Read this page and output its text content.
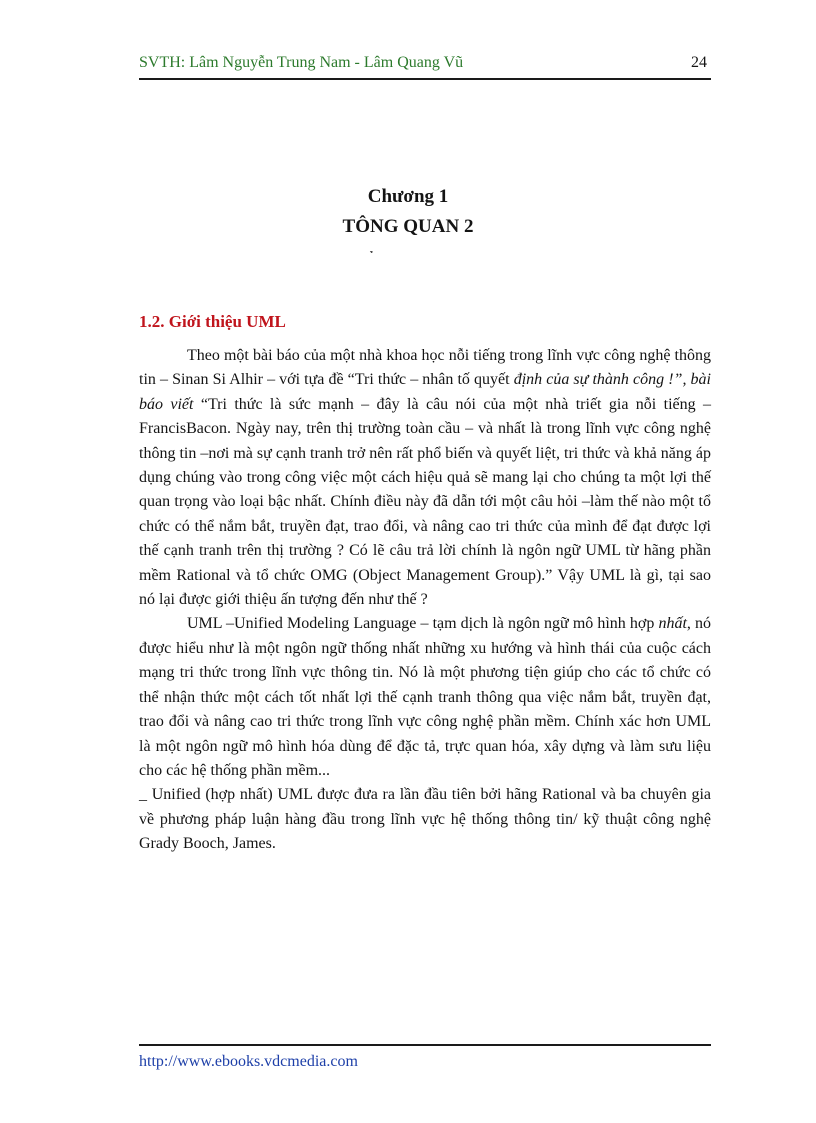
SVTH: Lâm Nguyễn Trung Nam - Lâm Quang Vũ	24
Chương 1
TÔNG QUAN 2
1.2. Giới thiệu UML

Theo một bài báo của một nhà khoa học nỗi tiếng trong lĩnh vực công nghệ thông tin – Sinan Si Alhir – với tựa đề “Tri thức – nhân tố quyết định của sự thành công !”, bài báo viết “Tri thức là sức mạnh – đây là câu nói của một nhà triết gia nỗi tiếng – FrancisBacon. Ngày nay, trên thị trường toàn cầu – và nhất là trong lĩnh vực công nghệ thông tin –nơi mà sự cạnh tranh trở nên rất phổ biến và quyết liệt, tri thức và khả năng áp dụng chúng vào trong công việc một cách hiệu quả sẽ mang lại cho chúng ta một lợi thế quan trọng vào loại bậc nhất. Chính điều này đã dẫn tới một câu hỏi –làm thế nào một tổ chức có thể nắm bắt, truyền đạt, trao đổi, và nâng cao tri thức của mình để đạt được lợi thế cạnh tranh trên thị trường ? Có lẽ câu trả lời chính là ngôn ngữ UML từ hãng phần mềm Rational và tổ chức OMG (Object Management Group).” Vậy UML là gì, tại sao nó lại được giới thiệu ấn tượng đến như thế ?

UML –Unified Modeling Language – tạm dịch là ngôn ngữ mô hình hợp nhất, nó được hiểu như là một ngôn ngữ thống nhất những xu hướng và hình thái của cuộc cách mạng tri thức trong lĩnh vực thông tin. Nó là một phương tiện giúp cho các tổ chức có thể nhận thức một cách tốt nhất lợi thế cạnh tranh thông qua việc nắm bắt, truyền đạt, trao đổi và nâng cao tri thức trong lĩnh vực công nghệ phần mềm. Chính xác hơn UML là một ngôn ngữ mô hình hóa dùng để đặc tả, trực quan hóa, xây dựng và làm sưu liệu cho các hệ thống phần mềm...

_ Unified (hợp nhất) UML được đưa ra lần đầu tiên bởi hãng Rational và ba chuyên gia về phương pháp luận hàng đầu trong lĩnh vực hệ thống thông tin/ kỹ thuật công nghệ Grady Booch, James.

http://www.ebooks.vdcmedia.com
